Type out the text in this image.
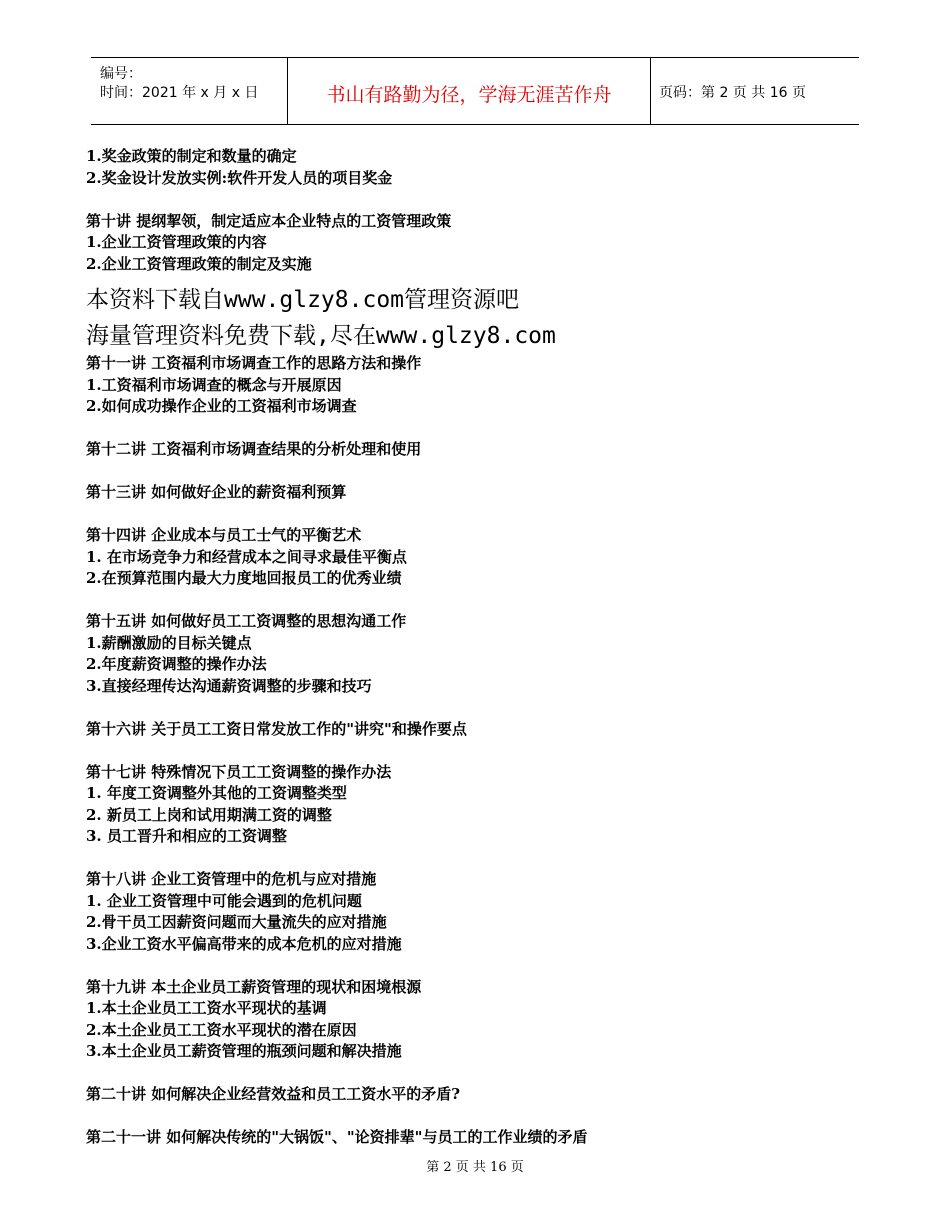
编号：
时间：2021 年 x 月 x 日	书山有路勤为径，学海无涯苦作舟	页码：第 2 页 共 16 页
1.奖金政策的制定和数量的确定
2.奖金设计发放实例:软件开发人员的项目奖金
第十讲 提纲挈领，制定适应本企业特点的工资管理政策
1.企业工资管理政策的内容
2.企业工资管理政策的制定及实施
本资料下载自www.glzy8.com管理资源吧
海量管理资料免费下载,尽在www.glzy8.com
第十一讲 工资福利市场调查工作的思路方法和操作
1.工资福利市场调查的概念与开展原因
2.如何成功操作企业的工资福利市场调查
第十二讲 工资福利市场调查结果的分析处理和使用
第十三讲 如何做好企业的薪资福利预算
第十四讲 企业成本与员工士气的平衡艺术
1. 在市场竞争力和经营成本之间寻求最佳平衡点
2.在预算范围内最大力度地回报员工的优秀业绩
第十五讲 如何做好员工工资调整的思想沟通工作
1.薪酬激励的目标关键点
2.年度薪资调整的操作办法
3.直接经理传达沟通薪资调整的步骤和技巧
第十六讲 关于员工工资日常发放工作的"讲究"和操作要点
第十七讲 特殊情况下员工工资调整的操作办法
1. 年度工资调整外其他的工资调整类型
2. 新员工上岗和试用期满工资的调整
3. 员工晋升和相应的工资调整
第十八讲 企业工资管理中的危机与应对措施
1. 企业工资管理中可能会遇到的危机问题
2.骨干员工因薪资问题而大量流失的应对措施
3.企业工资水平偏高带来的成本危机的应对措施
第十九讲 本土企业员工薪资管理的现状和困境根源
1.本土企业员工工资水平现状的基调
2.本土企业员工工资水平现状的潜在原因
3.本土企业员工薪资管理的瓶颈问题和解决措施
第二十讲 如何解决企业经营效益和员工工资水平的矛盾?
第二十一讲 如何解决传统的"大锅饭"、"论资排辈"与员工的工作业绩的矛盾
第 2 页 共 16 页
